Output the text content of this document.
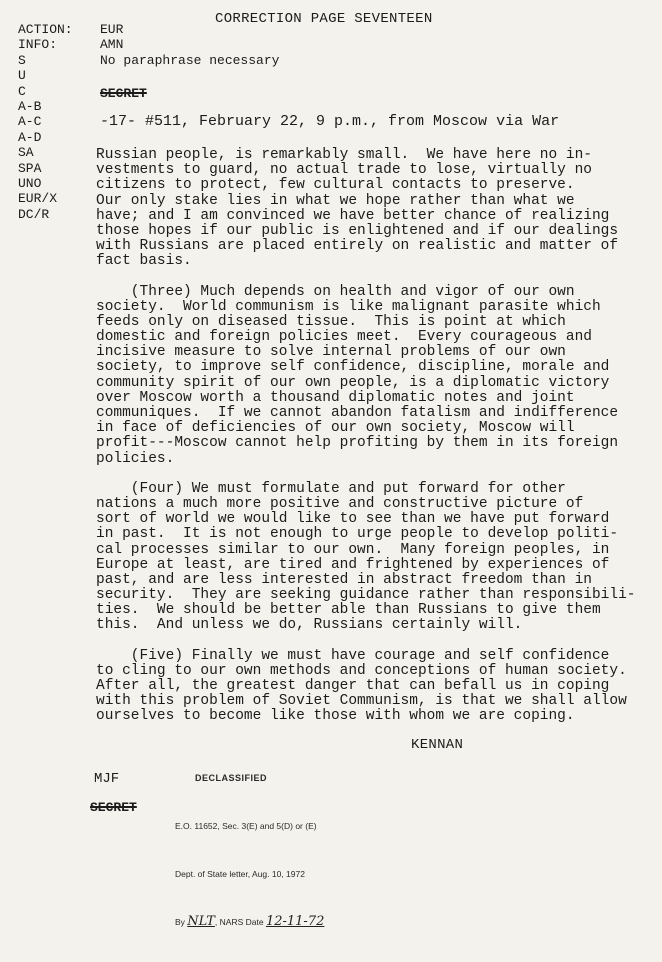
CORRECTION PAGE SEVENTEEN
ACTION: EUR
INFO:	AMN
S	No paraphrase necessary
U
C
A-B
A-C
A-D
SA
SPA
UNO
EUR/X
DC/R
SECRET
-17- #511, February 22, 9 p.m., from Moscow via War
Russian people, is remarkably small.  We have here no in-
vestments to guard, no actual trade to lose, virtually no
citizens to protect, few cultural contacts to preserve.
Our only stake lies in what we hope rather than what we
have; and I am convinced we have better chance of realizing
those hopes if our public is enlightened and if our dealings
with Russians are placed entirely on realistic and matter of
fact basis.
(Three) Much depends on health and vigor of our own
society.  World communism is like malignant parasite which
feeds only on diseased tissue.  This is point at which
domestic and foreign policies meet.  Every courageous and
incisive measure to solve internal problems of our own
society, to improve self confidence, discipline, morale and
community spirit of our own people, is a diplomatic victory
over Moscow worth a thousand diplomatic notes and joint
communiques.  If we cannot abandon fatalism and indifference
in face of deficiencies of our own society, Moscow will
profit---Moscow cannot help profiting by them in its foreign
policies.
(Four) We must formulate and put forward for other
nations a much more positive and constructive picture of
sort of world we would like to see than we have put forward
in past.  It is not enough to urge people to develop politi-
cal processes similar to our own.  Many foreign peoples, in
Europe at least, are tired and frightened by experiences of
past, and are less interested in abstract freedom than in
security.  They are seeking guidance rather than responsibili-
ties.  We should be better able than Russians to give them
this.  And unless we do, Russians certainly will.
(Five) Finally we must have courage and self confidence
to cling to our own methods and conceptions of human society.
After all, the greatest danger that can befall us in coping
with this problem of Soviet Communism, is that we shall allow
ourselves to become like those with whom we are coping.

DECLASSIFIED

E.O. 11652, Sec. 3(E) and 5(D) or (E)

Dept. of State letter, Aug. 10, 1972

By NLT, NARS Date 12-11-72

KENNAN
MJF
SECRET
